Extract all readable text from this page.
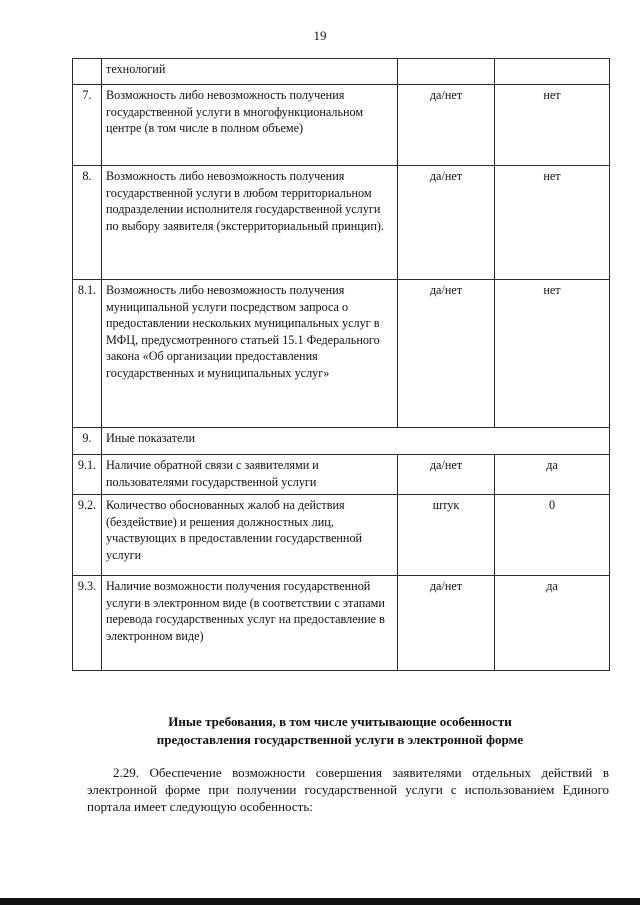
19
	технологий		
7.	Возможность либо невозможность получения государственной услуги в многофункциональном центре (в том числе в полном объеме)	да/нет	нет
8.	Возможность либо невозможность получения государственной услуги в любом территориальном подразделении исполнителя государственной услуги по выбору заявителя (экстерриториальный принцип).	да/нет	нет
8.1.	Возможность либо невозможность получения муниципальной услуги посредством запроса о предоставлении нескольких муниципальных услуг в МФЦ, предусмотренного статьей 15.1 Федерального закона «Об организации предоставления государственных и муниципальных услуг»	да/нет	нет
9.	Иные показатели		
9.1.	Наличие обратной связи с заявителями и пользователями государственной услуги	да/нет	да
9.2.	Количество обоснованных жалоб на действия (бездействие) и решения должностных лиц, участвующих в предоставлении государственной услуги	штук	0
9.3.	Наличие возможности получения государственной услуги в электронном виде (в соответствии с этапами перевода государственных услуг на предоставление в электронном виде)	да/нет	да
Иные требования, в том числе учитывающие особенности
предоставления государственной услуги в электронной форме
2.29. Обеспечение возможности совершения заявителями отдельных действий в электронной форме при получении государственной услуги с использованием Единого портала имеет следующую особенность:
